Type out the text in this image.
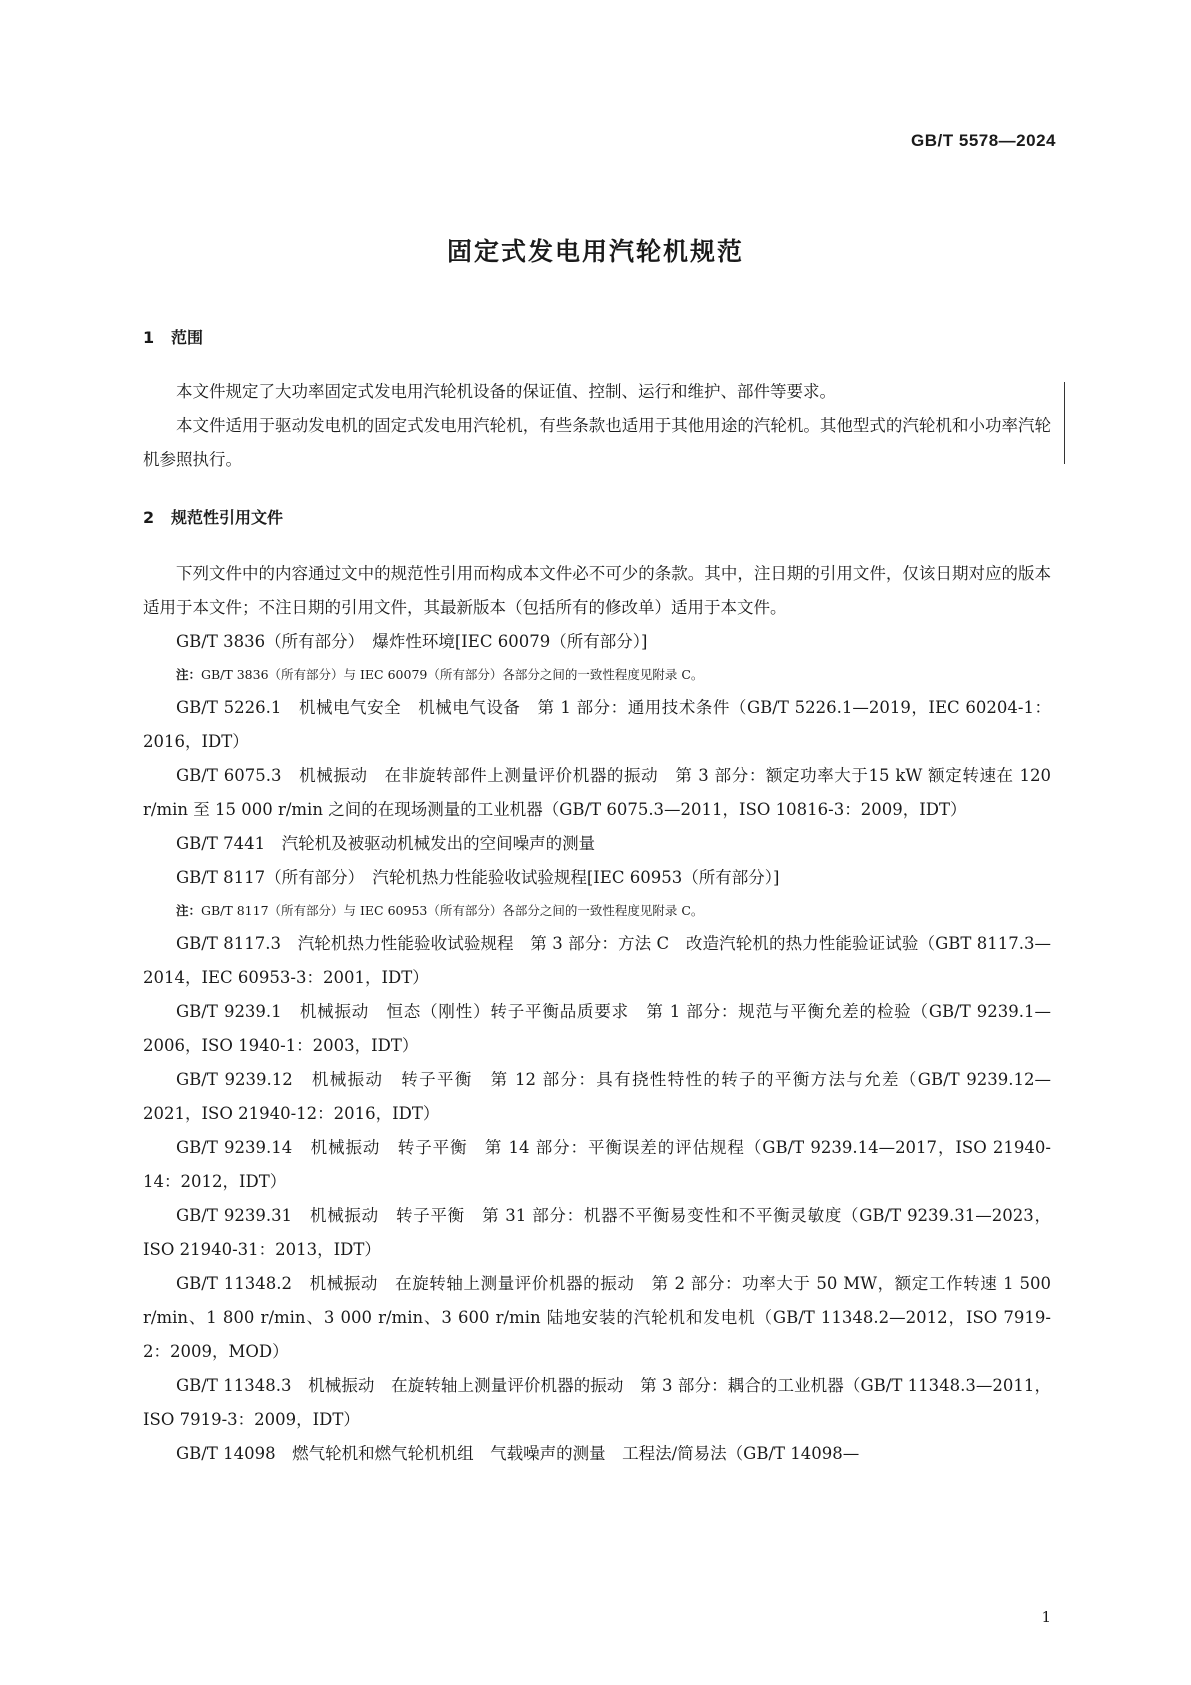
GB/T 5578—2024
固定式发电用汽轮机规范
1 范围

本文件规定了大功率固定式发电用汽轮机设备的保证值、控制、运行和维护、部件等要求。

本文件适用于驱动发电机的固定式发电用汽轮机，有些条款也适用于其他用途的汽轮机。其他型式的汽轮机和小功率汽轮机参照执行。

2 规范性引用文件

下列文件中的内容通过文中的规范性引用而构成本文件必不可少的条款。其中，注日期的引用文件，仅该日期对应的版本适用于本文件；不注日期的引用文件，其最新版本（包括所有的修改单）适用于本文件。

GB/T 3836（所有部分）　爆炸性环境[IEC 60079（所有部分）]

注：GB/T 3836（所有部分）与 IEC 60079（所有部分）各部分之间的一致性程度见附录 C。

GB/T 5226.1　机械电气安全　机械电气设备　第 1 部分：通用技术条件（GB/T 5226.1—2019，IEC 60204-1：2016，IDT）

GB/T 6075.3　机械振动　在非旋转部件上测量评价机器的振动　第 3 部分：额定功率大于15 kW 额定转速在 120 r/min 至 15 000 r/min 之间的在现场测量的工业机器（GB/T 6075.3—2011，ISO 10816-3：2009，IDT）

GB/T 7441　汽轮机及被驱动机械发出的空间噪声的测量

GB/T 8117（所有部分）　汽轮机热力性能验收试验规程[IEC 60953（所有部分）]

注：GB/T 8117（所有部分）与 IEC 60953（所有部分）各部分之间的一致性程度见附录 C。

GB/T 8117.3　汽轮机热力性能验收试验规程　第 3 部分：方法 C　改造汽轮机的热力性能验证试验（GBT 8117.3—2014，IEC 60953-3：2001，IDT）

GB/T 9239.1　机械振动　恒态（刚性）转子平衡品质要求　第 1 部分：规范与平衡允差的检验（GB/T 9239.1—2006，ISO 1940-1：2003，IDT）

GB/T 9239.12　机械振动　转子平衡　第 12 部分：具有挠性特性的转子的平衡方法与允差（GB/T 9239.12—2021，ISO 21940-12：2016，IDT）

GB/T 9239.14　机械振动　转子平衡　第 14 部分：平衡误差的评估规程（GB/T 9239.14—2017，ISO 21940-14：2012，IDT）

GB/T 9239.31　机械振动　转子平衡　第 31 部分：机器不平衡易变性和不平衡灵敏度（GB/T 9239.31—2023，ISO 21940-31：2013，IDT）

GB/T 11348.2　机械振动　在旋转轴上测量评价机器的振动　第 2 部分：功率大于 50 MW，额定工作转速 1 500 r/min、1 800 r/min、3 000 r/min、3 600 r/min 陆地安装的汽轮机和发电机（GB/T 11348.2—2012，ISO 7919-2：2009，MOD）

GB/T 11348.3　机械振动　在旋转轴上测量评价机器的振动　第 3 部分：耦合的工业机器（GB/T 11348.3—2011，ISO 7919-3：2009，IDT）

GB/T 14098　燃气轮机和燃气轮机机组　气载噪声的测量　工程法/简易法（GB/T 14098—

1
